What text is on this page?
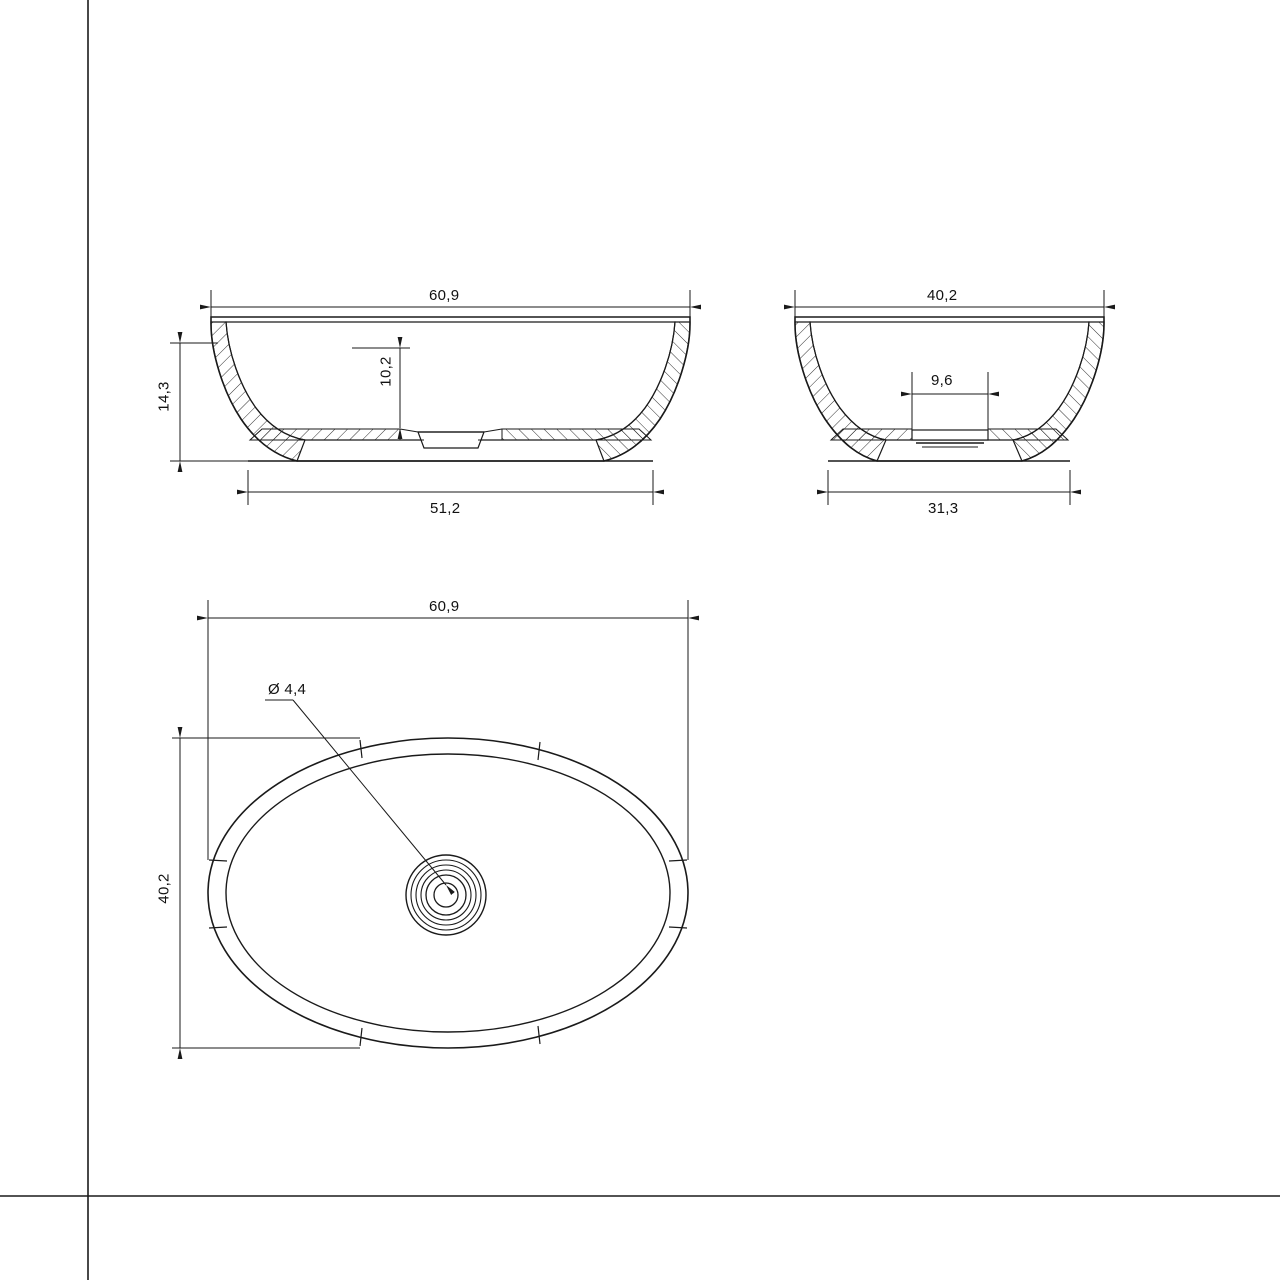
60,9
14,3
10,2
51,2
40,2
9,6
31,3
60,9
40,2
Ø 4,4
